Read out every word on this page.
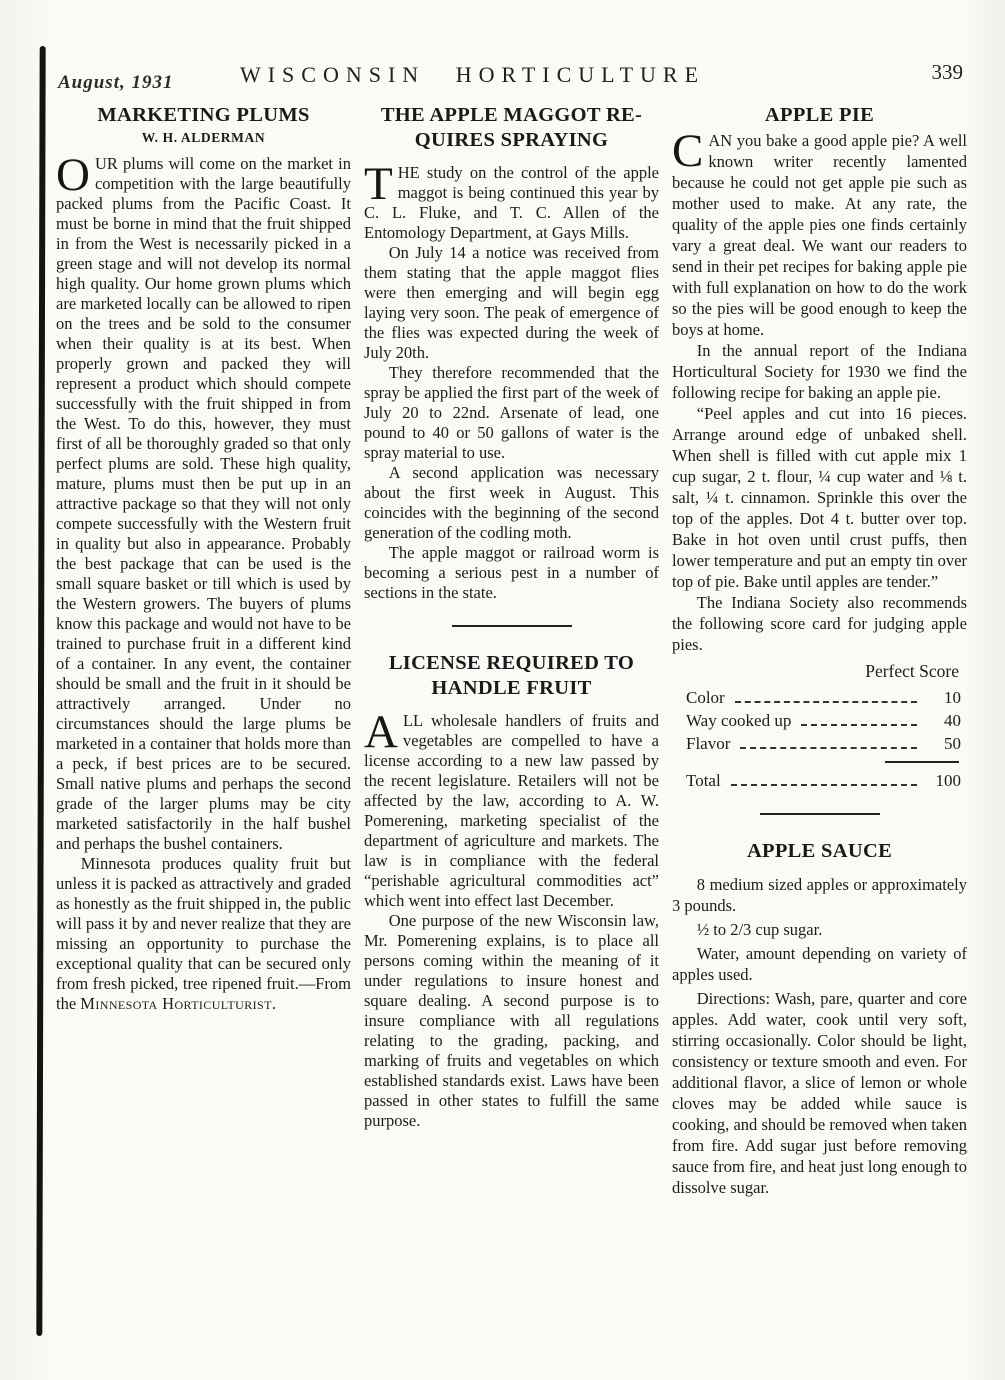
August, 1931	WISCONSIN HORTICULTURE	339
MARKETING PLUMS
W. H. ALDERMAN

OUR plums will come on the market in competition with the large beautifully packed plums from the Pacific Coast. It must be borne in mind that the fruit shipped in from the West is necessarily picked in a green stage and will not develop its normal high quality. Our home grown plums which are marketed locally can be allowed to ripen on the trees and be sold to the consumer when their quality is at its best. When properly grown and packed they will represent a product which should compete successfully with the fruit shipped in from the West. To do this, however, they must first of all be thoroughly graded so that only perfect plums are sold. These high quality, mature, plums must then be put up in an attractive package so that they will not only compete successfully with the Western fruit in quality but also in appearance. Probably the best package that can be used is the small square basket or till which is used by the Western growers. The buyers of plums know this package and would not have to be trained to purchase fruit in a different kind of a container. In any event, the container should be small and the fruit in it should be attractively arranged. Under no circumstances should the large plums be marketed in a container that holds more than a peck, if best prices are to be secured. Small native plums and perhaps the second grade of the larger plums may be city marketed satisfactorily in the half bushel and perhaps the bushel containers.

Minnesota produces quality fruit but unless it is packed as attractively and graded as honestly as the fruit shipped in, the public will pass it by and never realize that they are missing an opportunity to purchase the exceptional quality that can be secured only from fresh picked, tree ripened fruit.—From the Minnesota Horticulturist.

THE APPLE MAGGOT RE-
QUIRES SPRAYING

THE study on the control of the apple maggot is being continued this year by C. L. Fluke, and T. C. Allen of the Entomology Department, at Gays Mills.

On July 14 a notice was received from them stating that the apple maggot flies were then emerging and will begin egg laying very soon. The peak of emergence of the flies was expected during the week of July 20th.

They therefore recommended that the spray be applied the first part of the week of July 20 to 22nd. Arsenate of lead, one pound to 40 or 50 gallons of water is the spray material to use.

A second application was necessary about the first week in August. This coincides with the beginning of the second generation of the codling moth.

The apple maggot or railroad worm is becoming a serious pest in a number of sections in the state.

LICENSE REQUIRED TO
HANDLE FRUIT

ALL wholesale handlers of fruits and vegetables are compelled to have a license according to a new law passed by the recent legislature. Retailers will not be affected by the law, according to A. W. Pomerening, marketing specialist of the department of agriculture and markets. The law is in compliance with the federal “perishable agricultural commodities act” which went into effect last December.

One purpose of the new Wisconsin law, Mr. Pomerening explains, is to place all persons coming within the meaning of it under regulations to insure honest and square dealing. A second purpose is to insure compliance with all regulations relating to the grading, packing, and marking of fruits and vegetables on which established standards exist. Laws have been passed in other states to fulfill the same purpose.

APPLE PIE

CAN you bake a good apple pie? A well known writer recently lamented because he could not get apple pie such as mother used to make. At any rate, the quality of the apple pies one finds certainly vary a great deal. We want our readers to send in their pet recipes for baking apple pie with full explanation on how to do the work so the pies will be good enough to keep the boys at home.

In the annual report of the Indiana Horticultural Society for 1930 we find the following recipe for baking an apple pie.

“Peel apples and cut into 16 pieces. Arrange around edge of unbaked shell. When shell is filled with cut apple mix 1 cup sugar, 2 t. flour, ¼ cup water and ⅛ t. salt, ¼ t. cinnamon. Sprinkle this over the top of the apples. Dot 4 t. butter over top. Bake in hot oven until crust puffs, then lower temperature and put an empty tin over top of pie. Bake until apples are tender.”

The Indiana Society also recommends the following score card for judging apple pies.

Perfect Score
Color	10
Way cooked up	40
Flavor	50
Total	100
APPLE SAUCE

8 medium sized apples or approximately 3 pounds.

½ to 2/3 cup sugar.

Water, amount depending on variety of apples used.

Directions: Wash, pare, quarter and core apples. Add water, cook until very soft, stirring occasionally. Color should be light, consistency or texture smooth and even. For additional flavor, a slice of lemon or whole cloves may be added while sauce is cooking, and should be removed when taken from fire. Add sugar just before removing sauce from fire, and heat just long enough to dissolve sugar.
